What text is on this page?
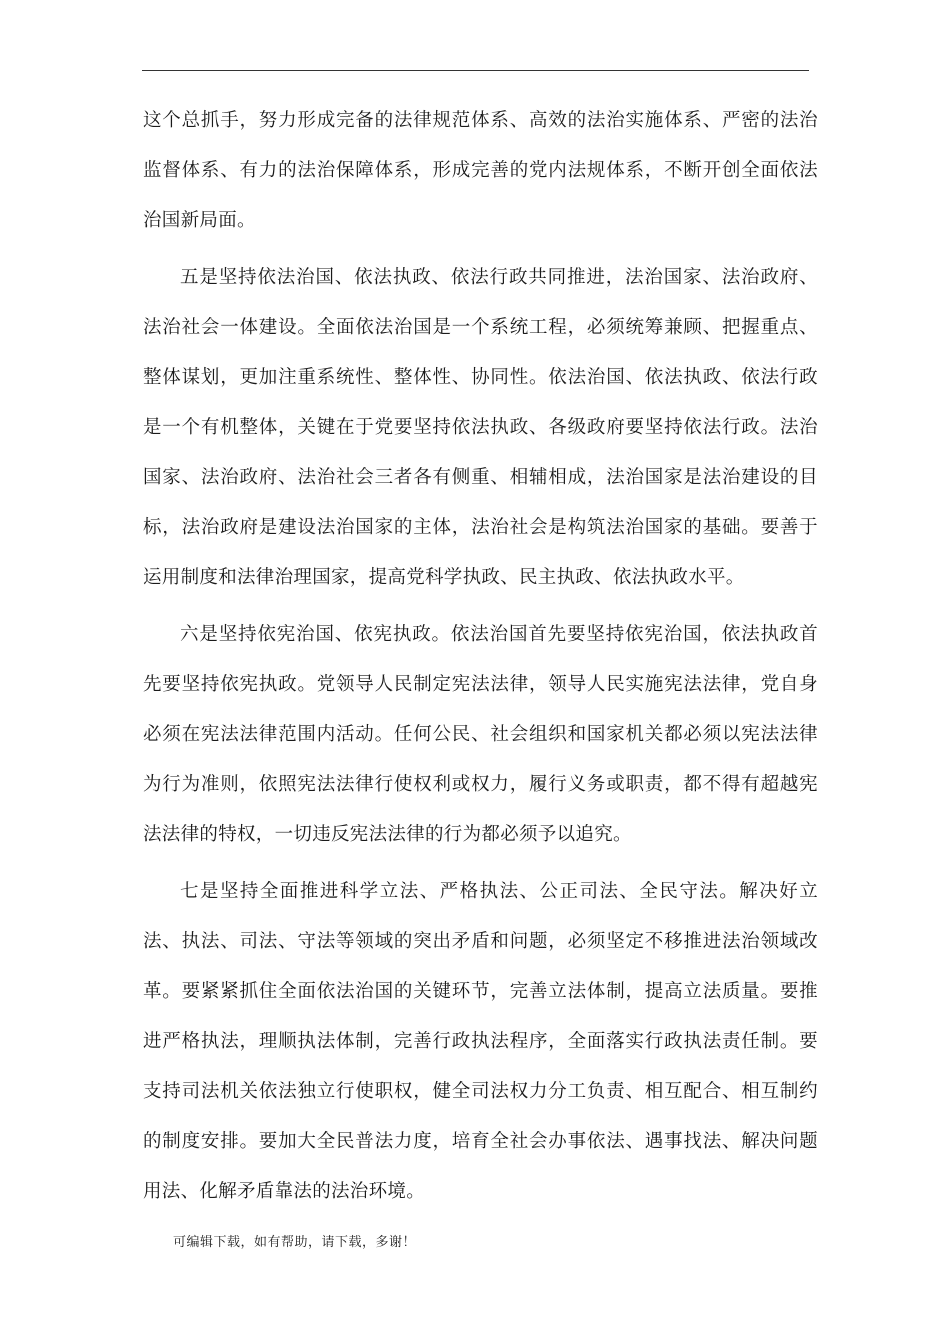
这个总抓手，努力形成完备的法律规范体系、高效的法治实施体系、严密的法治监督体系、有力的法治保障体系，形成完善的党内法规体系，不断开创全面依法治国新局面。

五是坚持依法治国、依法执政、依法行政共同推进，法治国家、法治政府、法治社会一体建设。全面依法治国是一个系统工程，必须统筹兼顾、把握重点、整体谋划，更加注重系统性、整体性、协同性。依法治国、依法执政、依法行政是一个有机整体，关键在于党要坚持依法执政、各级政府要坚持依法行政。法治国家、法治政府、法治社会三者各有侧重、相辅相成，法治国家是法治建设的目标，法治政府是建设法治国家的主体，法治社会是构筑法治国家的基础。要善于运用制度和法律治理国家，提高党科学执政、民主执政、依法执政水平。

六是坚持依宪治国、依宪执政。依法治国首先要坚持依宪治国，依法执政首先要坚持依宪执政。党领导人民制定宪法法律，领导人民实施宪法法律，党自身必须在宪法法律范围内活动。任何公民、社会组织和国家机关都必须以宪法法律为行为准则，依照宪法法律行使权利或权力，履行义务或职责，都不得有超越宪法法律的特权，一切违反宪法法律的行为都必须予以追究。

七是坚持全面推进科学立法、严格执法、公正司法、全民守法。解决好立法、执法、司法、守法等领域的突出矛盾和问题，必须坚定不移推进法治领域改革。要紧紧抓住全面依法治国的关键环节，完善立法体制，提高立法质量。要推进严格执法，理顺执法体制，完善行政执法程序，全面落实行政执法责任制。要支持司法机关依法独立行使职权，健全司法权力分工负责、相互配合、相互制约的制度安排。要加大全民普法力度，培育全社会办事依法、遇事找法、解决问题用法、化解矛盾靠法的法治环境。

可编辑下载，如有帮助，请下载，多谢！
